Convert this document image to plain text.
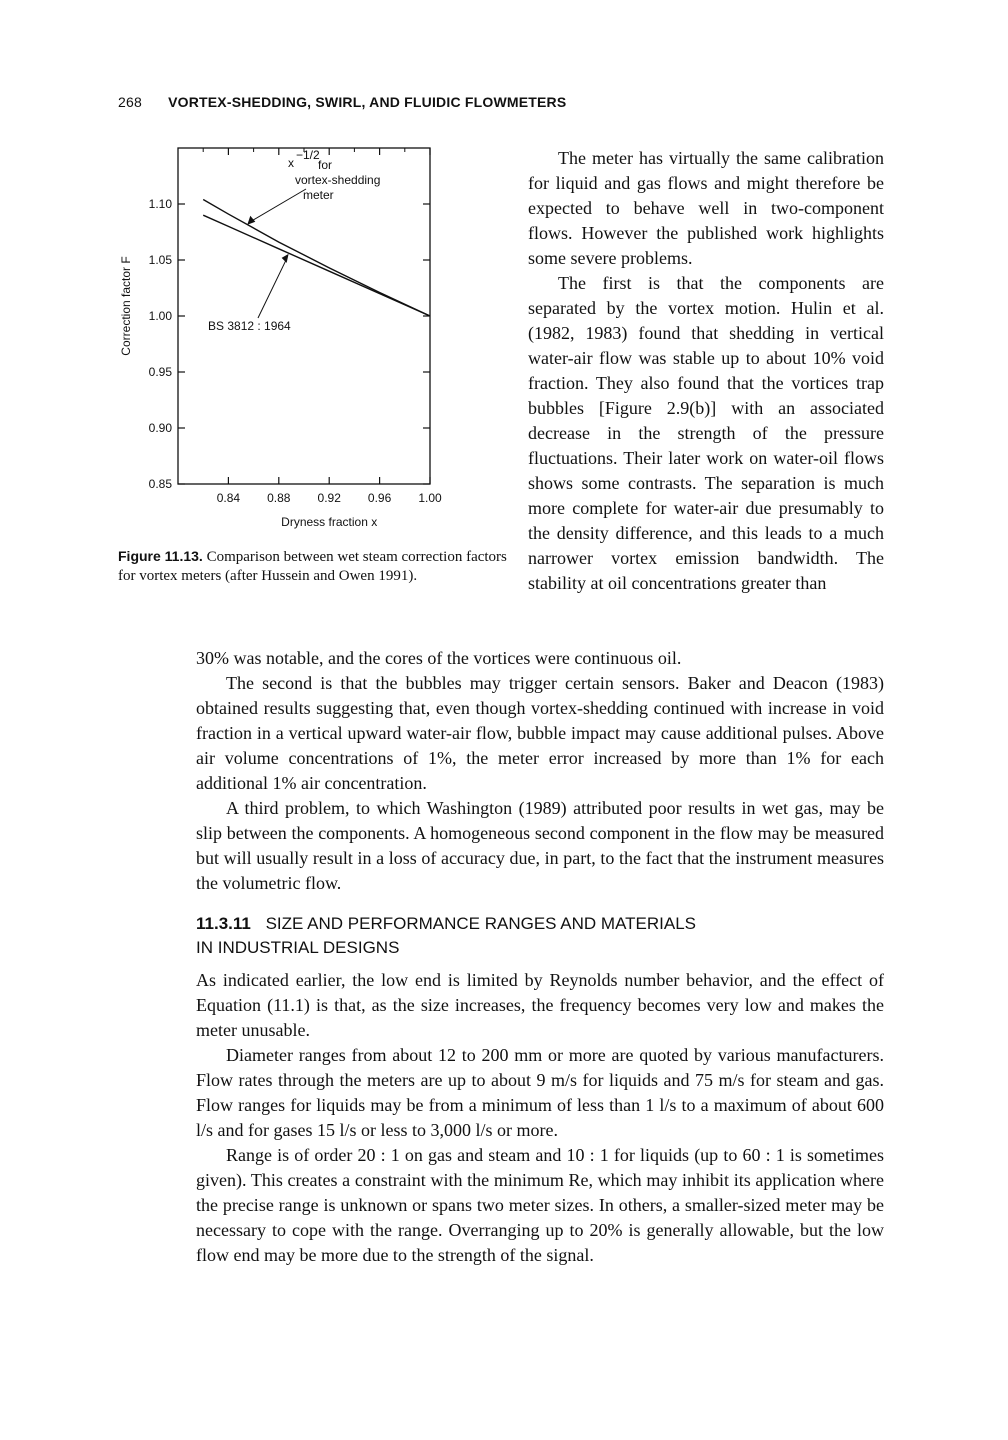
268 VORTEX-SHEDDING, SWIRL, AND FLUIDIC FLOWMETERS
0.84 0.88 0.92 0.96 1.00
0.85
0.90
0.95
1.00
1.05
1.10
Dryness fraction x
Correction factor F
x
−1/2
for
vortex-shedding
meter
BS 3812 : 1964
Figure 11.13. Comparison between wet steam correction factors for vortex meters (after Hussein and Owen 1991).

The meter has virtually the same calibration for liquid and gas flows and might therefore be expected to behave well in two-component flows. However the published work highlights some severe problems.

The first is that the components are separated by the vortex motion. Hulin et al. (1982, 1983) found that shedding in vertical water-air flow was stable up to about 10% void fraction. They also found that the vortices trap bubbles [Figure 2.9(b)] with an associated decrease in the strength of the pressure fluctuations. Their later work on water-oil flows shows some contrasts. The separation is much more complete for water-air due presumably to the density difference, and this leads to a much narrower vortex emission bandwidth. The stability at oil concentrations greater than

30% was notable, and the cores of the vortices were continuous oil.

The second is that the bubbles may trigger certain sensors. Baker and Deacon (1983) obtained results suggesting that, even though vortex-shedding continued with increase in void fraction in a vertical upward water-air flow, bubble impact may cause additional pulses. Above air volume concentrations of 1%, the meter error increased by more than 1% for each additional 1% air concentration.

A third problem, to which Washington (1989) attributed poor results in wet gas, may be slip between the components. A homogeneous second component in the flow may be measured but will usually result in a loss of accuracy due, in part, to the fact that the instrument measures the volumetric flow.

11.3.11 SIZE AND PERFORMANCE RANGES AND MATERIALS
IN INDUSTRIAL DESIGNS

As indicated earlier, the low end is limited by Reynolds number behavior, and the effect of Equation (11.1) is that, as the size increases, the frequency becomes very low and makes the meter unusable.

Diameter ranges from about 12 to 200 mm or more are quoted by various manufacturers. Flow rates through the meters are up to about 9 m/s for liquids and 75 m/s for steam and gas. Flow ranges for liquids may be from a minimum of less than 1 l/s to a maximum of about 600 l/s and for gases 15 l/s or less to 3,000 l/s or more.

Range is of order 20 : 1 on gas and steam and 10 : 1 for liquids (up to 60 : 1 is sometimes given). This creates a constraint with the minimum Re, which may inhibit its application where the precise range is unknown or spans two meter sizes. In others, a smaller-sized meter may be necessary to cope with the range. Overranging up to 20% is generally allowable, but the low flow end may be more due to the strength of the signal.
